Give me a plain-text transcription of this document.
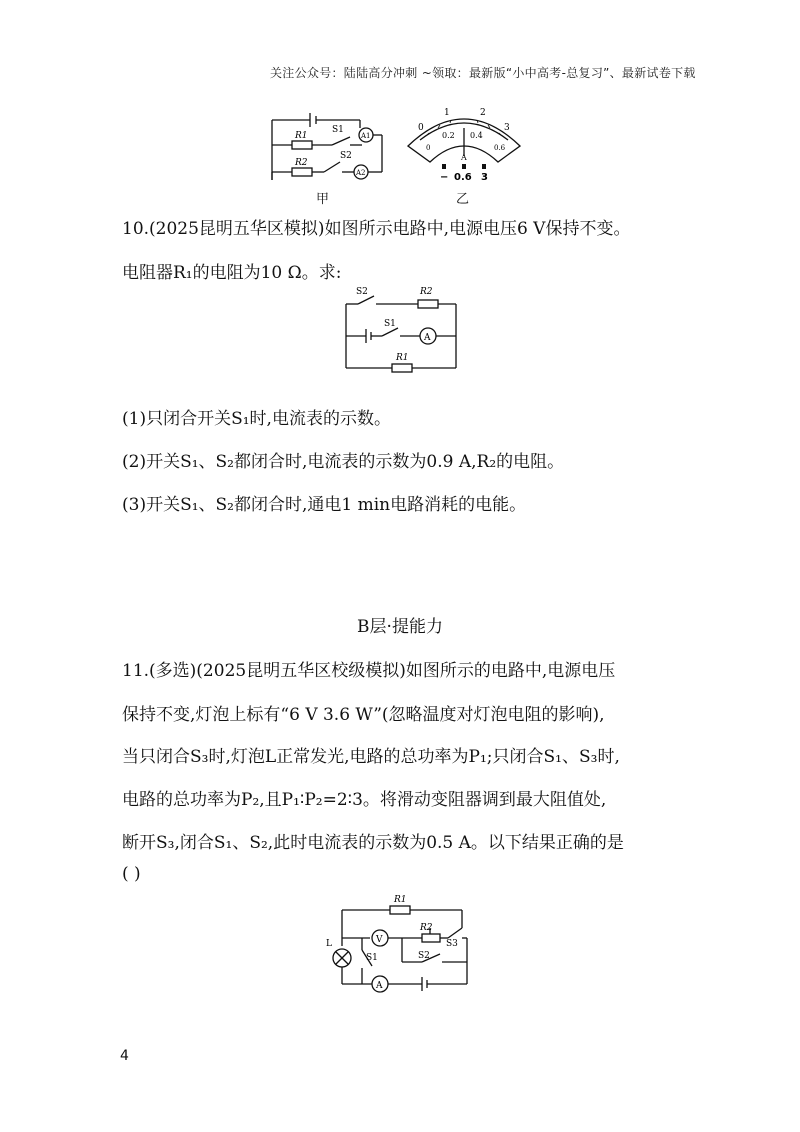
关注公众号：陆陆高分冲刺 ~领取：最新版“小中高考-总复习”、最新试卷下载
R1
R2
S1
S2
A1
A2
甲
0
1	2
3
0
0.2 0.4
0.6
A
− 0.6 3
乙
10.(2025昆明五华区模拟)如图所示电路中,电源电压6 V保持不变。
电阻器R₁的电阻为10 Ω。求:
S2	R2
S1
A
R1
(1)只闭合开关S₁时,电流表的示数。
(2)开关S₁、S₂都闭合时,电流表的示数为0.9 A,R₂的电阻。
(3)开关S₁、S₂都闭合时,通电1 min电路消耗的电能。
B层·提能力
11.(多选)(2025昆明五华区校级模拟)如图所示的电路中,电源电压
保持不变,灯泡上标有“6 V 3.6 W”(忽略温度对灯泡电阻的影响),
当只闭合S₃时,灯泡L正常发光,电路的总功率为P₁;只闭合S₁、S₃时,
电路的总功率为P₂,且P₁∶P₂=2∶3。将滑动变阻器调到最大阻值处,
断开S₃,闭合S₁、S₂,此时电流表的示数为0.5 A。以下结果正确的是
( )
R1
R2
S3
L	V
S1	S2
A
4
